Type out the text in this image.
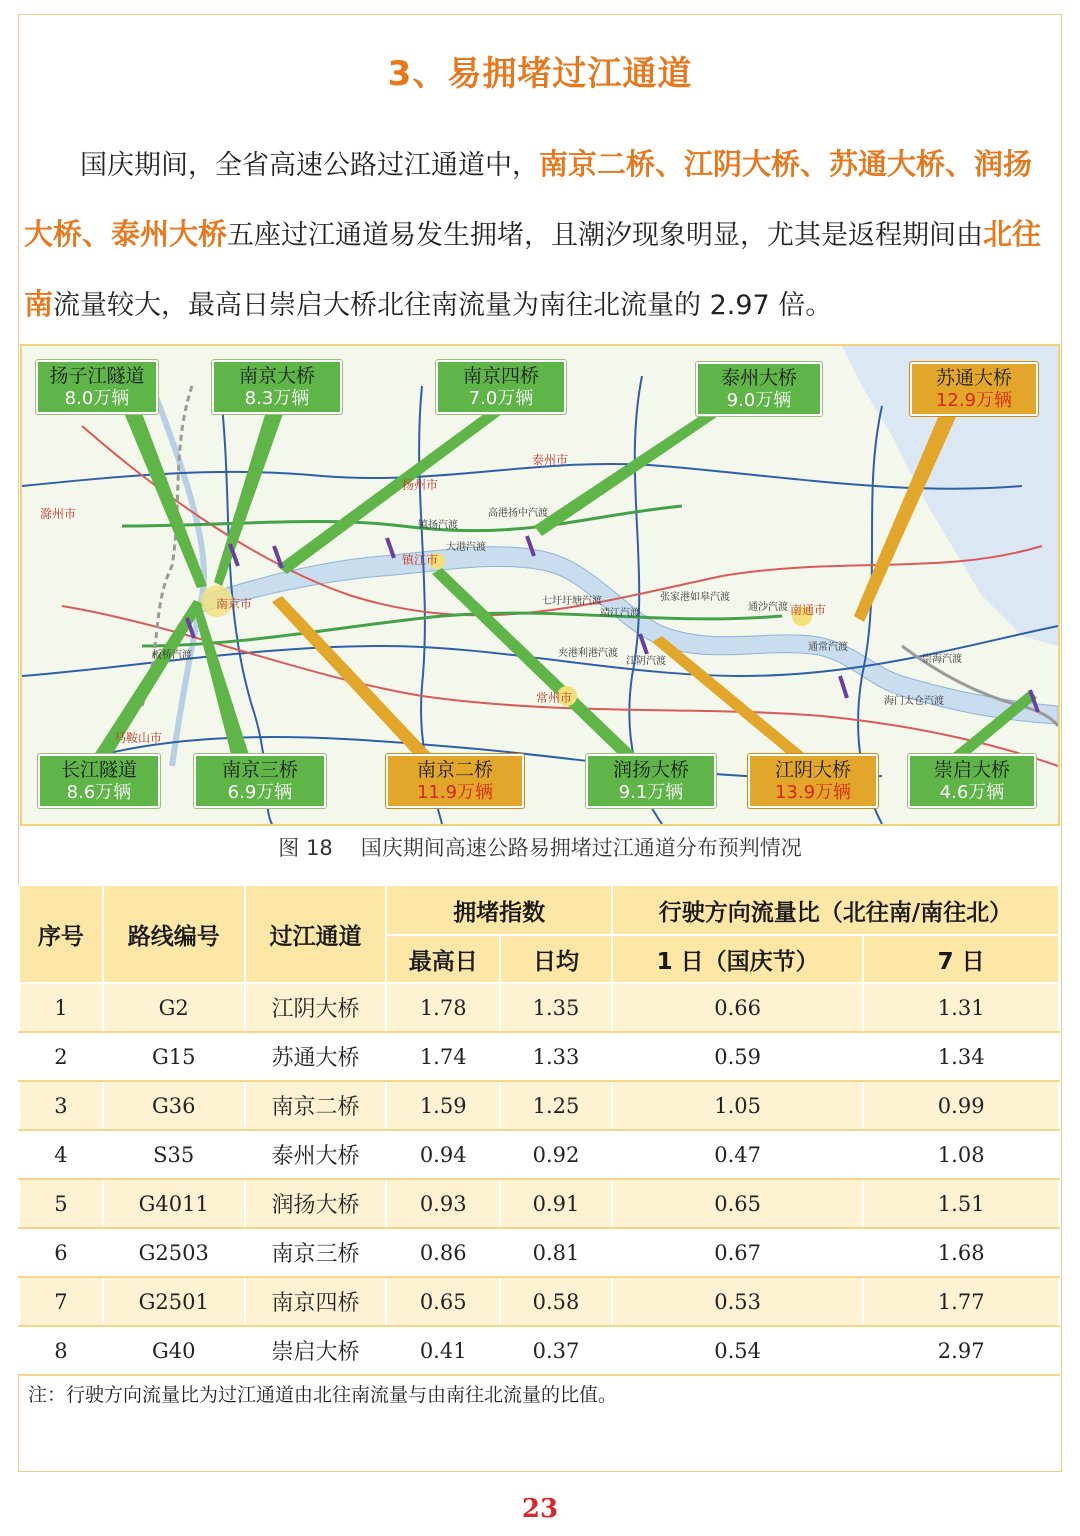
3、易拥堵过江通道
国庆期间，全省高速公路过江通道中，南京二桥、江阴大桥、苏通大桥、润扬大桥、泰州大桥五座过江通道易发生拥堵，且潮汐现象明显，尤其是返程期间由北往南流量较大，最高日崇启大桥北往南流量为南往北流量的 2.97 倍。
滁州市
扬州市
泰州市
镇江市
南京市
常州市
南通市
马鞍山市
镇扬汽渡
高港扬中汽渡
大港汽渡
七圩圩塘汽渡
靖江汽渡
张家港如皋汽渡
通沙汽渡
夹港利港汽渡
江阴汽渡
板桥汽渡
通常汽渡
崇海汽渡
海门太仓汽渡
扬子江隧道
8.0万辆
南京大桥
8.3万辆
南京四桥
7.0万辆
泰州大桥
9.0万辆
苏通大桥
12.9万辆
长江隧道
8.6万辆
南京三桥
6.9万辆
南京二桥
11.9万辆
润扬大桥
9.1万辆
江阴大桥
13.9万辆
崇启大桥
4.6万辆
图 18 国庆期间高速公路易拥堵过江通道分布预判情况
序号	路线编号	过江通道	拥堵指数		行驶方向流量比（北往南/南往北）	
			最高日	日均	1 日（国庆节）	7 日
1	G2	江阴大桥	1.78	1.35	0.66	1.31
2	G15	苏通大桥	1.74	1.33	0.59	1.34
3	G36	南京二桥	1.59	1.25	1.05	0.99
4	S35	泰州大桥	0.94	0.92	0.47	1.08
5	G4011	润扬大桥	0.93	0.91	0.65	1.51
6	G2503	南京三桥	0.86	0.81	0.67	1.68
7	G2501	南京四桥	0.65	0.58	0.53	1.77
8	G40	崇启大桥	0.41	0.37	0.54	2.97
注：行驶方向流量比为过江通道由北往南流量与由南往北流量的比值。
23
